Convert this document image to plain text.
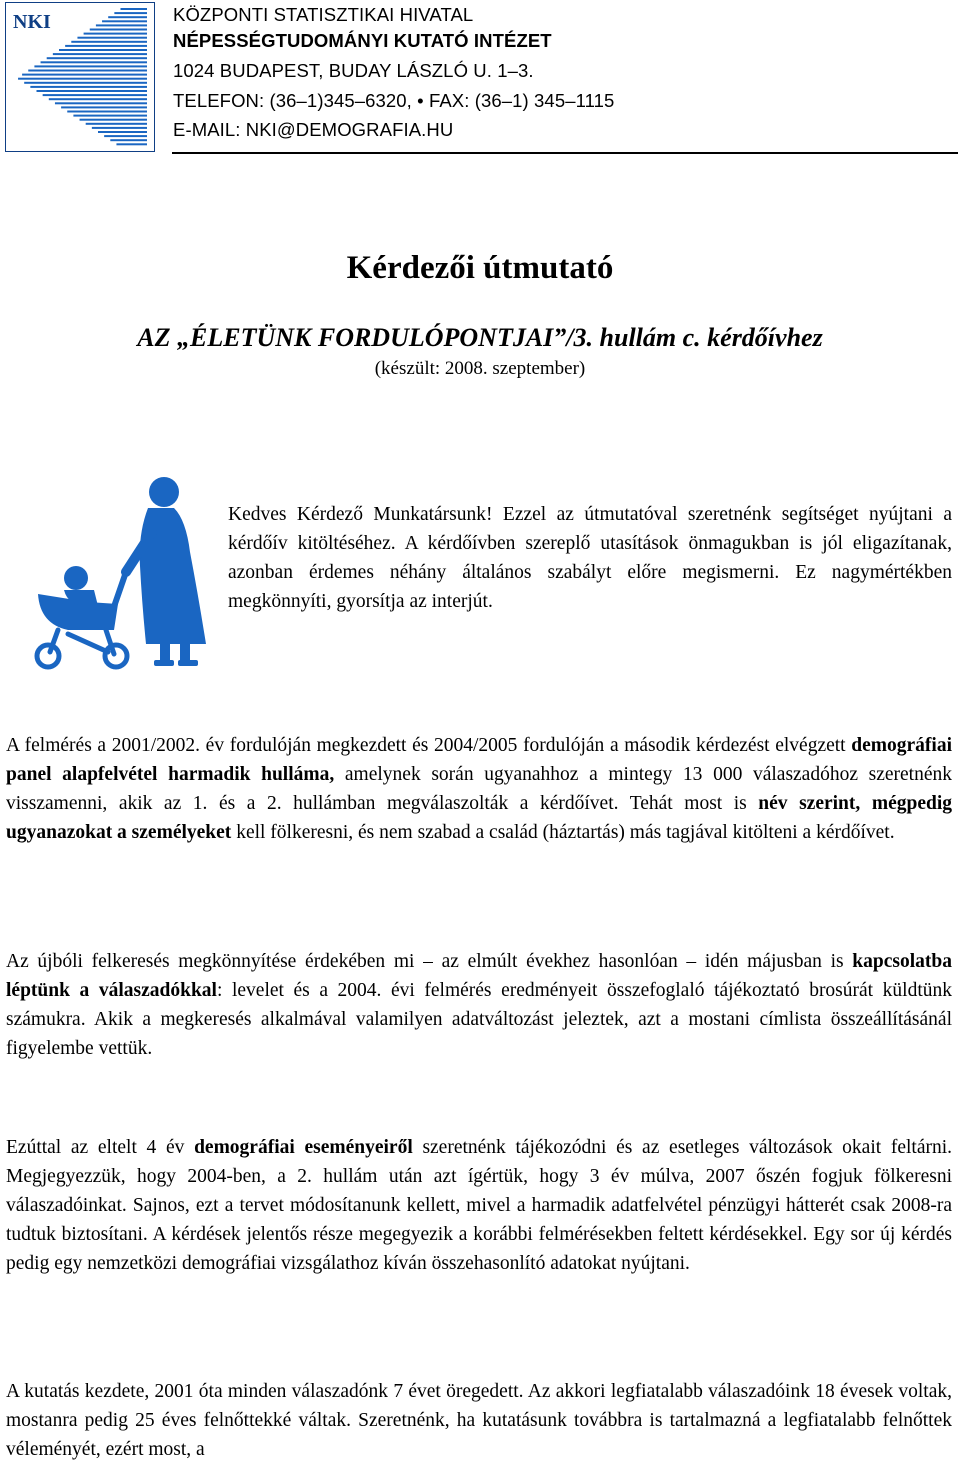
NKI	KÖZPONTI STATISZTIKAI HIVATAL
NÉPESSÉGTUDOMÁNYI KUTATÓ INTÉZET
1024 BUDAPEST, BUDAY LÁSZLÓ U. 1–3.
TELEFON: (36–1)345–6320, • FAX: (36–1) 345–1115
E-MAIL: NKI@DEMOGRAFIA.HU
Kérdezői útmutató
AZ „ÉLETÜNK FORDULÓPONTJAI”/3. hullám c. kérdőívhez
(készült: 2008. szeptember)
Kedves Kérdező Munkatársunk! Ezzel az útmutatóval szeretnénk segítséget nyújtani a kérdőív kitöltéséhez. A kérdőívben szereplő utasítások önmagukban is jól eligazítanak, azonban érdemes néhány általános szabályt előre megismerni. Ez nagymértékben megkönnyíti, gyorsítja az interjút.
A felmérés a 2001/2002. év fordulóján megkezdett és 2004/2005 fordulóján a második kérdezést elvégzett demográfiai panel alapfelvétel harmadik hulláma, amelynek során ugyanahhoz a mintegy 13 000 válaszadóhoz szeretnénk visszamenni, akik az 1. és a 2. hullámban megválaszolták a kérdőívet. Tehát most is név szerint, mégpedig ugyanazokat a személyeket kell fölkeresni, és nem szabad a család (háztartás) más tagjával kitölteni a kérdőívet.
Az újbóli felkeresés megkönnyítése érdekében mi – az elmúlt évekhez hasonlóan – idén májusban is kapcsolatba léptünk a válaszadókkal: levelet és a 2004. évi felmérés eredményeit összefoglaló tájékoztató brosúrát küldtünk számukra. Akik a megkeresés alkalmával valamilyen adatváltozást jeleztek, azt a mostani címlista összeállításánál figyelembe vettük.
Ezúttal az eltelt 4 év demográfiai eseményeiről szeretnénk tájékozódni és az esetleges változások okait feltárni. Megjegyezzük, hogy 2004-ben, a 2. hullám után azt ígértük, hogy 3 év múlva, 2007 őszén fogjuk fölkeresni válaszadóinkat. Sajnos, ezt a tervet módosítanunk kellett, mivel a harmadik adatfelvétel pénzügyi hátterét csak 2008-ra tudtuk biztosítani. A kérdések jelentős része megegyezik a korábbi felmérésekben feltett kérdésekkel. Egy sor új kérdés pedig egy nemzetközi demográfiai vizsgálathoz kíván összehasonlító adatokat nyújtani.
A kutatás kezdete, 2001 óta minden válaszadónk 7 évet öregedett. Az akkori legfiatalabb válaszadóink 18 évesek voltak, mostanra pedig 25 éves felnőttekké váltak. Szeretnénk, ha kutatásunk továbbra is tartalmazná a legfiatalabb felnőttek véleményét, ezért most, a
